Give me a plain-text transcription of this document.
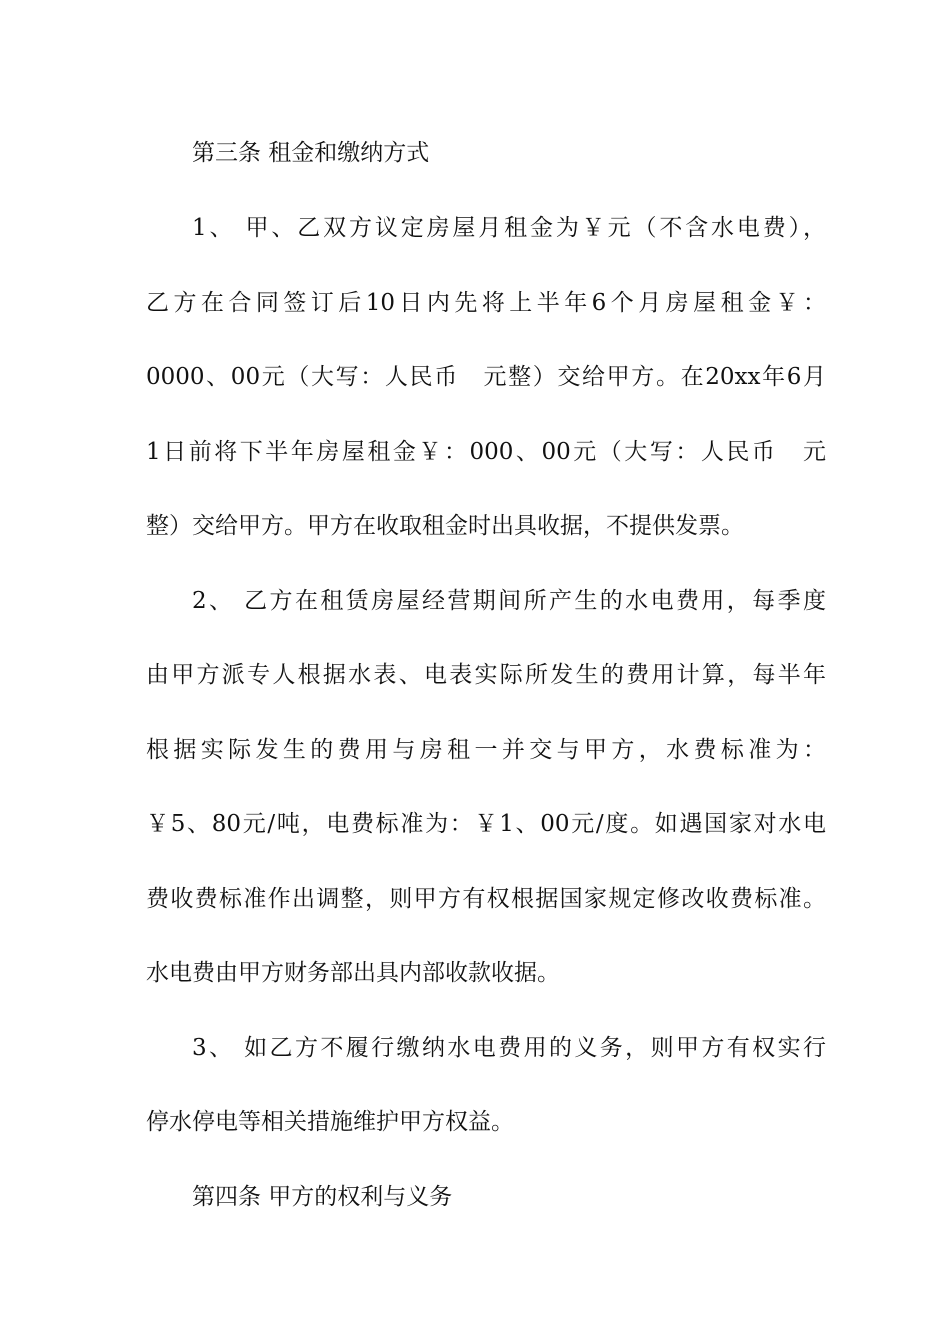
第三条 租金和缴纳方式
1、 甲、乙双方议定房屋月租金为￥元（不含水电费），
乙方在合同签订后10日内先将上半年6个月房屋租金￥：
0000、00元（大写：人民币　元整）交给甲方。在20xx年6月
1日前将下半年房屋租金￥：000、00元（大写：人民币　元
整）交给甲方。甲方在收取租金时出具收据，不提供发票。
2、 乙方在租赁房屋经营期间所产生的水电费用，每季度
由甲方派专人根据水表、电表实际所发生的费用计算，每半年
根据实际发生的费用与房租一并交与甲方，水费标准为：
￥5、80元/吨，电费标准为：￥1、00元/度。如遇国家对水电
费收费标准作出调整，则甲方有权根据国家规定修改收费标准。
水电费由甲方财务部出具内部收款收据。
3、 如乙方不履行缴纳水电费用的义务，则甲方有权实行
停水停电等相关措施维护甲方权益。
第四条 甲方的权利与义务
